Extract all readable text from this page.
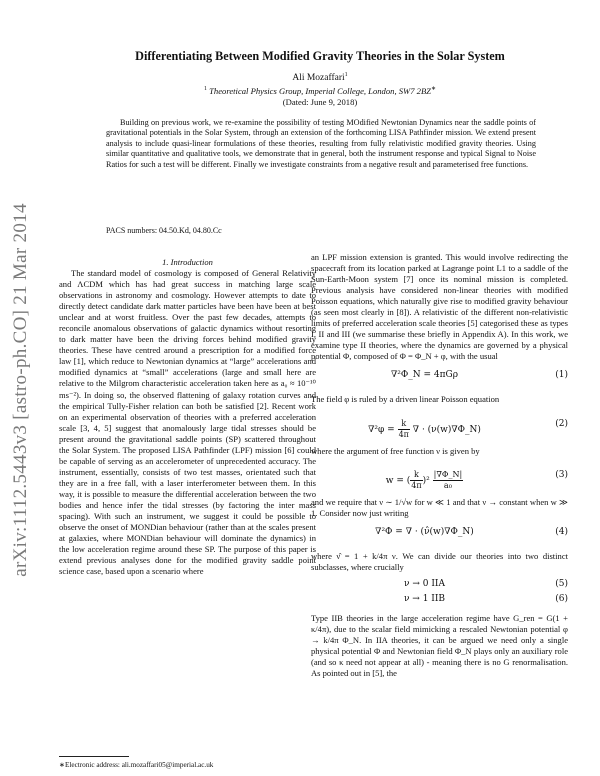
arXiv:1112.5443v3 [astro-ph.CO] 21 Mar 2014
Differentiating Between Modified Gravity Theories in the Solar System
Ali Mozaffari$^1$
$^1$ Theoretical Physics Group, Imperial College, London, SW7 2BZ∗
(Dated: June 9, 2018)
Building on previous work, we re-examine the possibility of testing MOdified Newtonian Dynamics near the saddle points of gravitational potentials in the Solar System, through an extension of the forthcoming LISA Pathfinder mission. We extend present analysis to include quasi-linear formulations of these theories, resulting from fully relativistic modified gravity theories. Using similar quantitative and qualitative tools, we demonstrate that in general, both the instrument response and typical Signal to Noise Ratios for such a test will be different. Finally we investigate constraints from a negative result and parameterised free functions.
PACS numbers: 04.50.Kd, 04.80.Cc
1. Introduction

The standard model of cosmology is composed of General Relativity and ΛCDM which has had great success in matching large scale observations in astronomy and cosmology. However attempts to date to directly detect candidate dark matter particles have been have been at best unclear and at worst fruitless. Over the past few decades, attempts to reconcile anomalous observations of galactic dynamics without resorting to dark matter have been the driving forces behind modified gravity theories. These have centred around a prescription for a modified force law [1], which reduce to Newtonian dynamics at “large” accelerations and modified dynamics at “small” accelerations (large and small here are relative to the Milgrom characteristic acceleration taken here as a₀ ≈ 10⁻¹⁰ ms⁻²). In doing so, the observed flattening of galaxy rotation curves and the empirical Tully-Fisher relation can both be satisfied [2]. Recent work on an experimental observation of theories with a preferred acceleration scale [3, 4, 5] suggest that anomalously large tidal stresses should be present around the gravitational saddle points (SP) scattered throughout the Solar System. The proposed LISA Pathfinder (LPF) mission [6] could be capable of serving as an accelerometer of unprecedented accuracy. The instrument, essentially, consists of two test masses, orientated such that they are in a free fall, with a laser interferometer between them. In this way, it is possible to measure the differential acceleration between the two bodies and hence infer the tidal stresses (by factoring the inter mass spacing). With such an instrument, we suggest it could be possible to observe the onset of MONDian behaviour (rather than at the scales present at galaxies, where MONDian behaviour will dominate the dynamics) in the low acceleration regime around these SP. The purpose of this paper is extend previous analyses done for the modified gravity saddle point science case, based upon a scenario where

an LPF mission extension is granted. This would involve redirecting the spacecraft from its location parked at Lagrange point L1 to a saddle of the Sun-Earth-Moon system [7] once its nominal mission is completed. Previous analysis have considered non-linear theories with modified Poisson equations, which naturally give rise to modified gravity behaviour (as seen most clearly in [8]). A relativistic of the different non-relativistic limits of preferred acceleration scale theories [5] categorised these as types I, II and III (we summarise these briefly in Appendix A). In this work, we examine type II theories, where the dynamics are governed by a physical potential Φ, composed of Φ = Φ_N + φ, with the usual

∇²Φ_N = 4πGρ	(1)

The field φ is ruled by a driven linear Poisson equation

$\nabla^2\varphi = \frac{k}{4\pi}$ ∇ · (ν(w)∇Φ_N)
(2)

where the argument of free function ν is given by

w = ( $\frac{k}{4\pi} )^2 \frac{|\nabla\Phi\_N|}{\text{a₀}}$	(3)

and we require that ν ∼ 1/√w for w ≪ 1 and that ν → constant when w ≫ 1. Consider now just writing

∇²Φ = ∇ · (ν̂(w)∇Φ_N)	(4)

where ν̂ = 1 + k/4π ν. We can divide our theories into two distinct subclasses, where crucially

ν → 0 IIA	(5)
ν → 1 IIB	(6)

Type IIB theories in the large acceleration regime have G_ren = G(1 + κ/4π), due to the scalar field mimicking a rescaled Newtonian potential φ → k/4π Φ_N. In IIA theories, it can be argued we need only a single physical potential Φ and Newtonian field Φ_N plays only an auxiliary role (and so κ need not appear at all) - meaning there is no G renormalisation. As pointed out in [5], the

∗Electronic address: ali.mozaffari05@imperial.ac.uk
